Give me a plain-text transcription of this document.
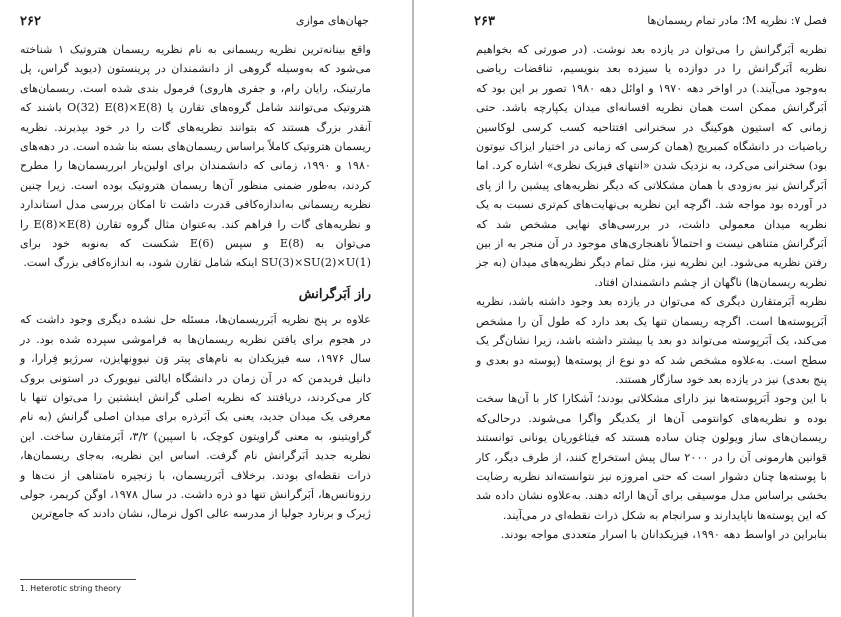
۲۶۲	جهان‌های موازی

واقع بینانه‌ترین نظریه ریسمانی به نام نظریه ریسمان هتروتیک ۱ شناخته می‌شود که به‌وسیله گروهی از دانشمندان در پرینستون (دیوید گراس، پل مارتینک، رایان رام، و جفری هاروی) فرمول بندی شده است. ریسمان‌های هتروتیک می‌توانند شامل گروه‌های تقارن یا O(32) E(8)×E(8) باشند که آنقدر بزرگ هستند که بتوانند نظریه‌های گات را در خود بپذیرند. نظریه ریسمان هتروتیک کاملاً براساس ریسمان‌های بسته بنا شده است. در دهه‌های ۱۹۸۰ و ۱۹۹۰، زمانی که دانشمندان برای اولین‌بار ابرریسمان‌ها را مطرح کردند، به‌طور ضمنی منظور آن‌ها ریسمان هتروتیک بوده است. زیرا چنین نظریه ریسمانی به‌اندازه‌کافی قدرت داشت تا امکان بررسی مدل استاندارد و نظریه‌های گات را فراهم کند. به‌عنوان مثال گروه تقارن E(8)×E(8) را می‌توان به E(8) و سپس E(6) شکست که به‌نوبه خود برای SU(3)×SU(2)×U(1) اینکه شامل تقارن شود، به اندازه‌کافی بزرگ است.

راز اَبَرگرانش

علاوه بر پنج نظریه اَبَرریسمان‌ها، مسئله حل نشده دیگری وجود داشت که در هجوم برای یافتن نظریه ریسمان‌ها به فراموشی سپرده شده بود. در سال ۱۹۷۶، سه فیزیکدان به نام‌های پیتر وَن نیووِنهایزن، سرژیو فِرارا، و دانیل فریدمن که در آن زمان در دانشگاه ایالتی نیویورک در استونی بروک کار می‌کردند، دریافتند که نظریه اصلی گرانش اینشتین را می‌توان تنها با معرفی یک میدان جدید، یعنی یک اَبَرذره برای میدان اصلی گرانش (به نام گراویتینو، به معنی گراویتون کوچک، با اسپین) ۳/۲، اَبَرمتقارن ساخت. این نظریه جدید اَبَرگرانش نام گرفت. اساس این نظریه، به‌جای ریسمان‌ها، ذرات نقطه‌ای بودند. برخلاف اَبَرریسمان، با زنجیره نامتناهی از نت‌ها و رزونانس‌ها، اَبَرگرانش تنها دو ذره داشت. در سال ۱۹۷۸، اوگن کریمر، جولی ژیرک و برنارد جولیا از مدرسه عالی اکول نرمال، نشان دادند که جامع‌ترین

1. Heterotic string theory
۲۶۳	فصل ۷: نظریه M؛ مادر تمام ریسمان‌ها

نظریه اَبَرگرانش را می‌توان در یازده بعد نوشت. (در صورتی که بخواهیم نظریه اَبَرگرانش را در دوازده یا سیزده بعد بنویسیم، تناقضات ریاضی به‌وجود می‌آیند.) در اواخر دهه ۱۹۷۰ و اوائل دهه ۱۹۸۰ تصور بر این بود که اَبَرگرانش ممکن است همان نظریه افسانه‌ای میدان یکپارچه باشد. حتی زمانی که استیون هوکینگ در سخنرانی افتتاحیه کسب کرسی لوکاسین ریاضیات در دانشگاه کمبریج (همان کرسی که زمانی در اختیار ایزاک نیوتون بود) سخنرانی می‌کرد، به نزدیک شدن «انتهای فیزیک نظری» اشاره کرد. اما اَبَرگرانش نیز به‌زودی با همان مشکلاتی که دیگر نظریه‌های پیشین را از پای در آورده بود مواجه شد. اگرچه این نظریه بی‌نهایت‌های کم‌تری نسبت به یک نظریه میدان معمولی داشت، در بررسی‌های نهایی مشخص شد که اَبَرگرانش متناهی نیست و احتمالاً ناهنجاری‌های موجود در آن منجر به از بین رفتن نظریه می‌شود. این نظریه نیز، مثل تمام دیگر نظریه‌های میدان (به جز نظریه ریسمان‌ها) ناگهان از چشم دانشمندان افتاد.

نظریه اَبَرمتقارن دیگری که می‌توان در یازده بعد وجود داشته باشد، نظریه اَبَرپوسته‌ها است. اگرچه ریسمان تنها یک بعد دارد که طول آن را مشخص می‌کند، یک اَبَرپوسته می‌تواند دو بعد یا بیشتر داشته باشد، زیرا نشان‌گر یک سطح است. به‌علاوه مشخص شد که دو نوع از پوسته‌ها (پوسته دو بعدی و پنج بعدی) نیز در یازده بعد خود سازگار هستند.

با این وجود اَبَرپوسته‌ها نیز دارای مشکلاتی بودند؛ آشکارا کار با آن‌ها سخت بوده و نظریه‌های کوانتومی آن‌ها از یکدیگر واگرا می‌شوند. درحالی‌که ریسمان‌های ساز ویولون چنان ساده هستند که فیثاغوریان یونانی توانستند قوانین هارمونی آن را در ۲۰۰۰ سال پیش استخراج کنند، از طرف دیگر، کار با پوسته‌ها چنان دشوار است که حتی امروزه نیز نتوانسته‌اند نظریه رضایت بخشی براساس مدل موسیقی برای آن‌ها ارائه دهند. به‌علاوه نشان داده شد که این پوسته‌ها ناپایدارند و سرانجام به شکل ذرات نقطه‌ای در می‌آیند.

بنابراین در اواسط دهه ۱۹۹۰، فیزیکدانان با اسرار متعددی مواجه بودند.
